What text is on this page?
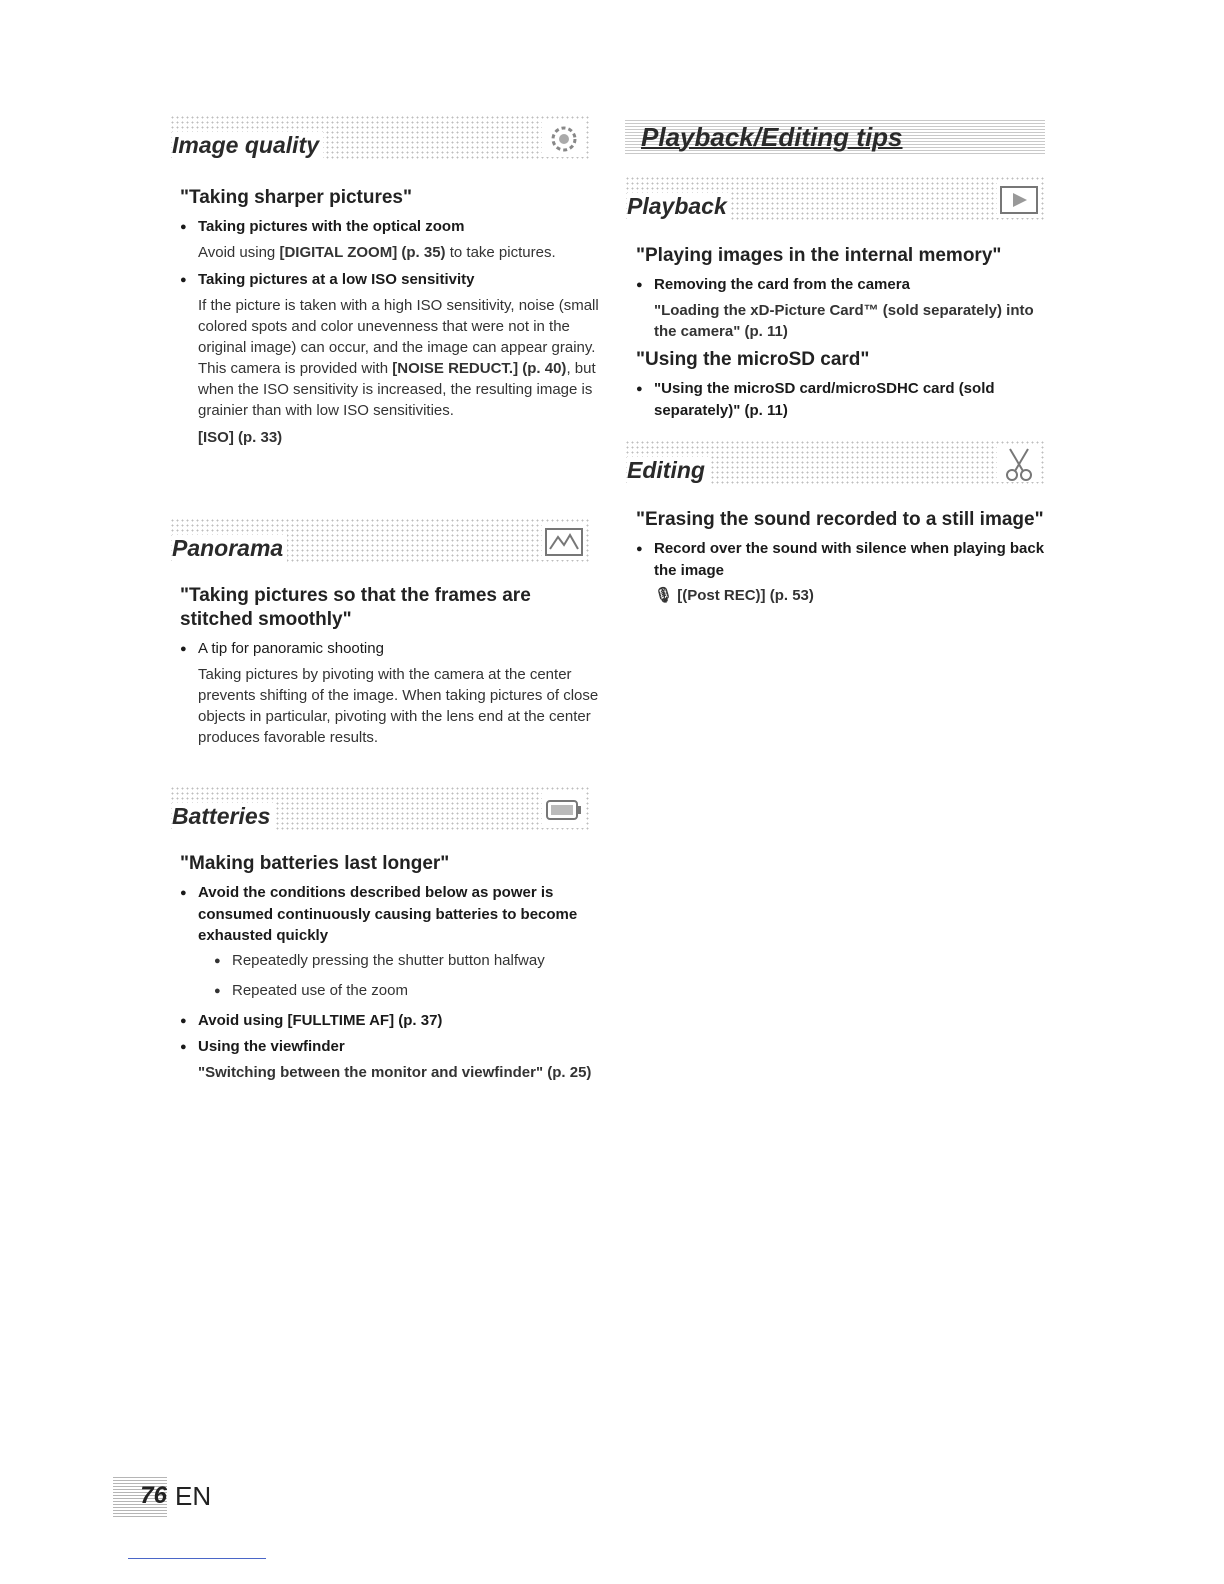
Image quality

"Taking sharper pictures"

● Taking pictures with the optical zoom

Avoid using [DIGITAL ZOOM] (p. 35) to take pictures.

● Taking pictures at a low ISO sensitivity

If the picture is taken with a high ISO sensitivity, noise (small colored spots and color unevenness that were not in the original image) can occur, and the image can appear grainy. This camera is provided with [NOISE REDUCT.] (p. 40), but when the ISO sensitivity is increased, the resulting image is grainier than with low ISO sensitivities.

[ISO] (p. 33)

Panorama

"Taking pictures so that the frames are stitched smoothly"

● A tip for panoramic shooting

Taking pictures by pivoting with the camera at the center prevents shifting of the image. When taking pictures of close objects in particular, pivoting with the lens end at the center produces favorable results.

Batteries

"Making batteries last longer"

● Avoid the conditions described below as power is consumed continuously causing batteries to become exhausted quickly

● Repeatedly pressing the shutter button halfway

● Repeated use of the zoom

● Avoid using [FULLTIME AF] (p. 37)

● Using the viewfinder

"Switching between the monitor and viewfinder" (p. 25)

Playback/Editing tips
Playback

"Playing images in the internal memory"

● Removing the card from the camera

"Loading the xD-Picture Card™ (sold separately) into the camera" (p. 11)

"Using the microSD card"

● "Using the microSD card/microSDHC card (sold separately)" (p. 11)

Editing

"Erasing the sound recorded to a still image"

● Record over the sound with silence when playing back the image

🎙 [(Post REC)] (p. 53)

76 EN
